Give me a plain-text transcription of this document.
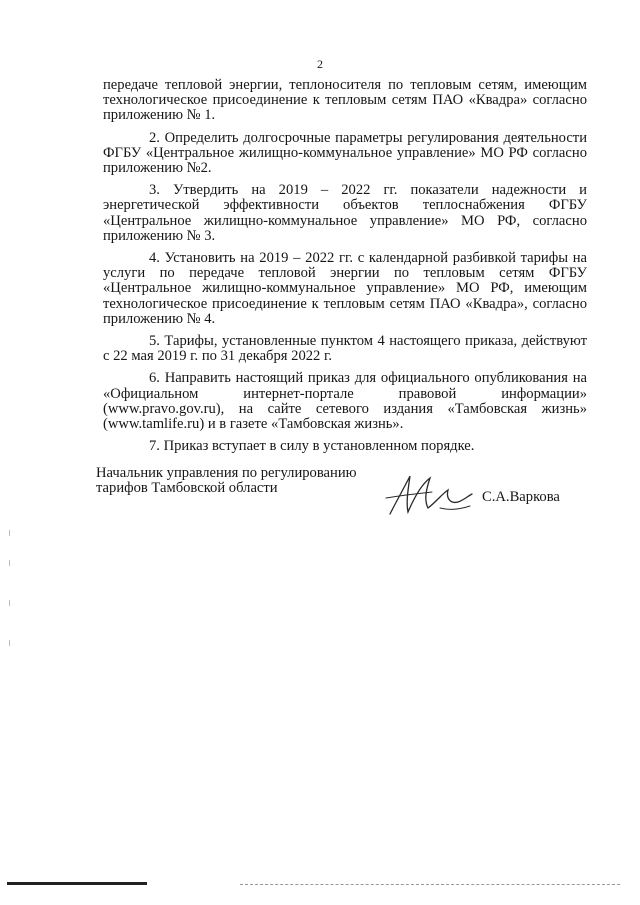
2

передаче тепловой энергии, теплоносителя по тепловым сетям, имеющим технологическое присоединение к тепловым сетям ПАО «Квадра» согласно приложению № 1.

2. Определить долгосрочные параметры регулирования деятельности ФГБУ «Центральное жилищно-коммунальное управление» МО РФ согласно приложению №2.

3. Утвердить на 2019 – 2022 гг. показатели надежности и энергетической эффективности объектов теплоснабжения ФГБУ «Центральное жилищно-коммунальное управление» МО РФ, согласно приложению № 3.

4. Установить на 2019 – 2022 гг. с календарной разбивкой тарифы на услуги по передаче тепловой энергии по тепловым сетям ФГБУ «Центральное жилищно-коммунальное управление» МО РФ, имеющим технологическое присоединение к тепловым сетям ПАО «Квадра», согласно приложению № 4.

5. Тарифы, установленные пунктом 4 настоящего приказа, действуют с 22 мая 2019 г. по 31 декабря 2022 г.

6. Направить настоящий приказ для официального опубликования на «Официальном интернет-портале правовой информации» (www.pravo.gov.ru), на сайте сетевого издания «Тамбовская жизнь» (www.tamlife.ru) и в газете «Тамбовская жизнь».

7. Приказ вступает в силу в установленном порядке.

Начальник управления по регулированию
тарифов Тамбовской области
С.А.Варкова
